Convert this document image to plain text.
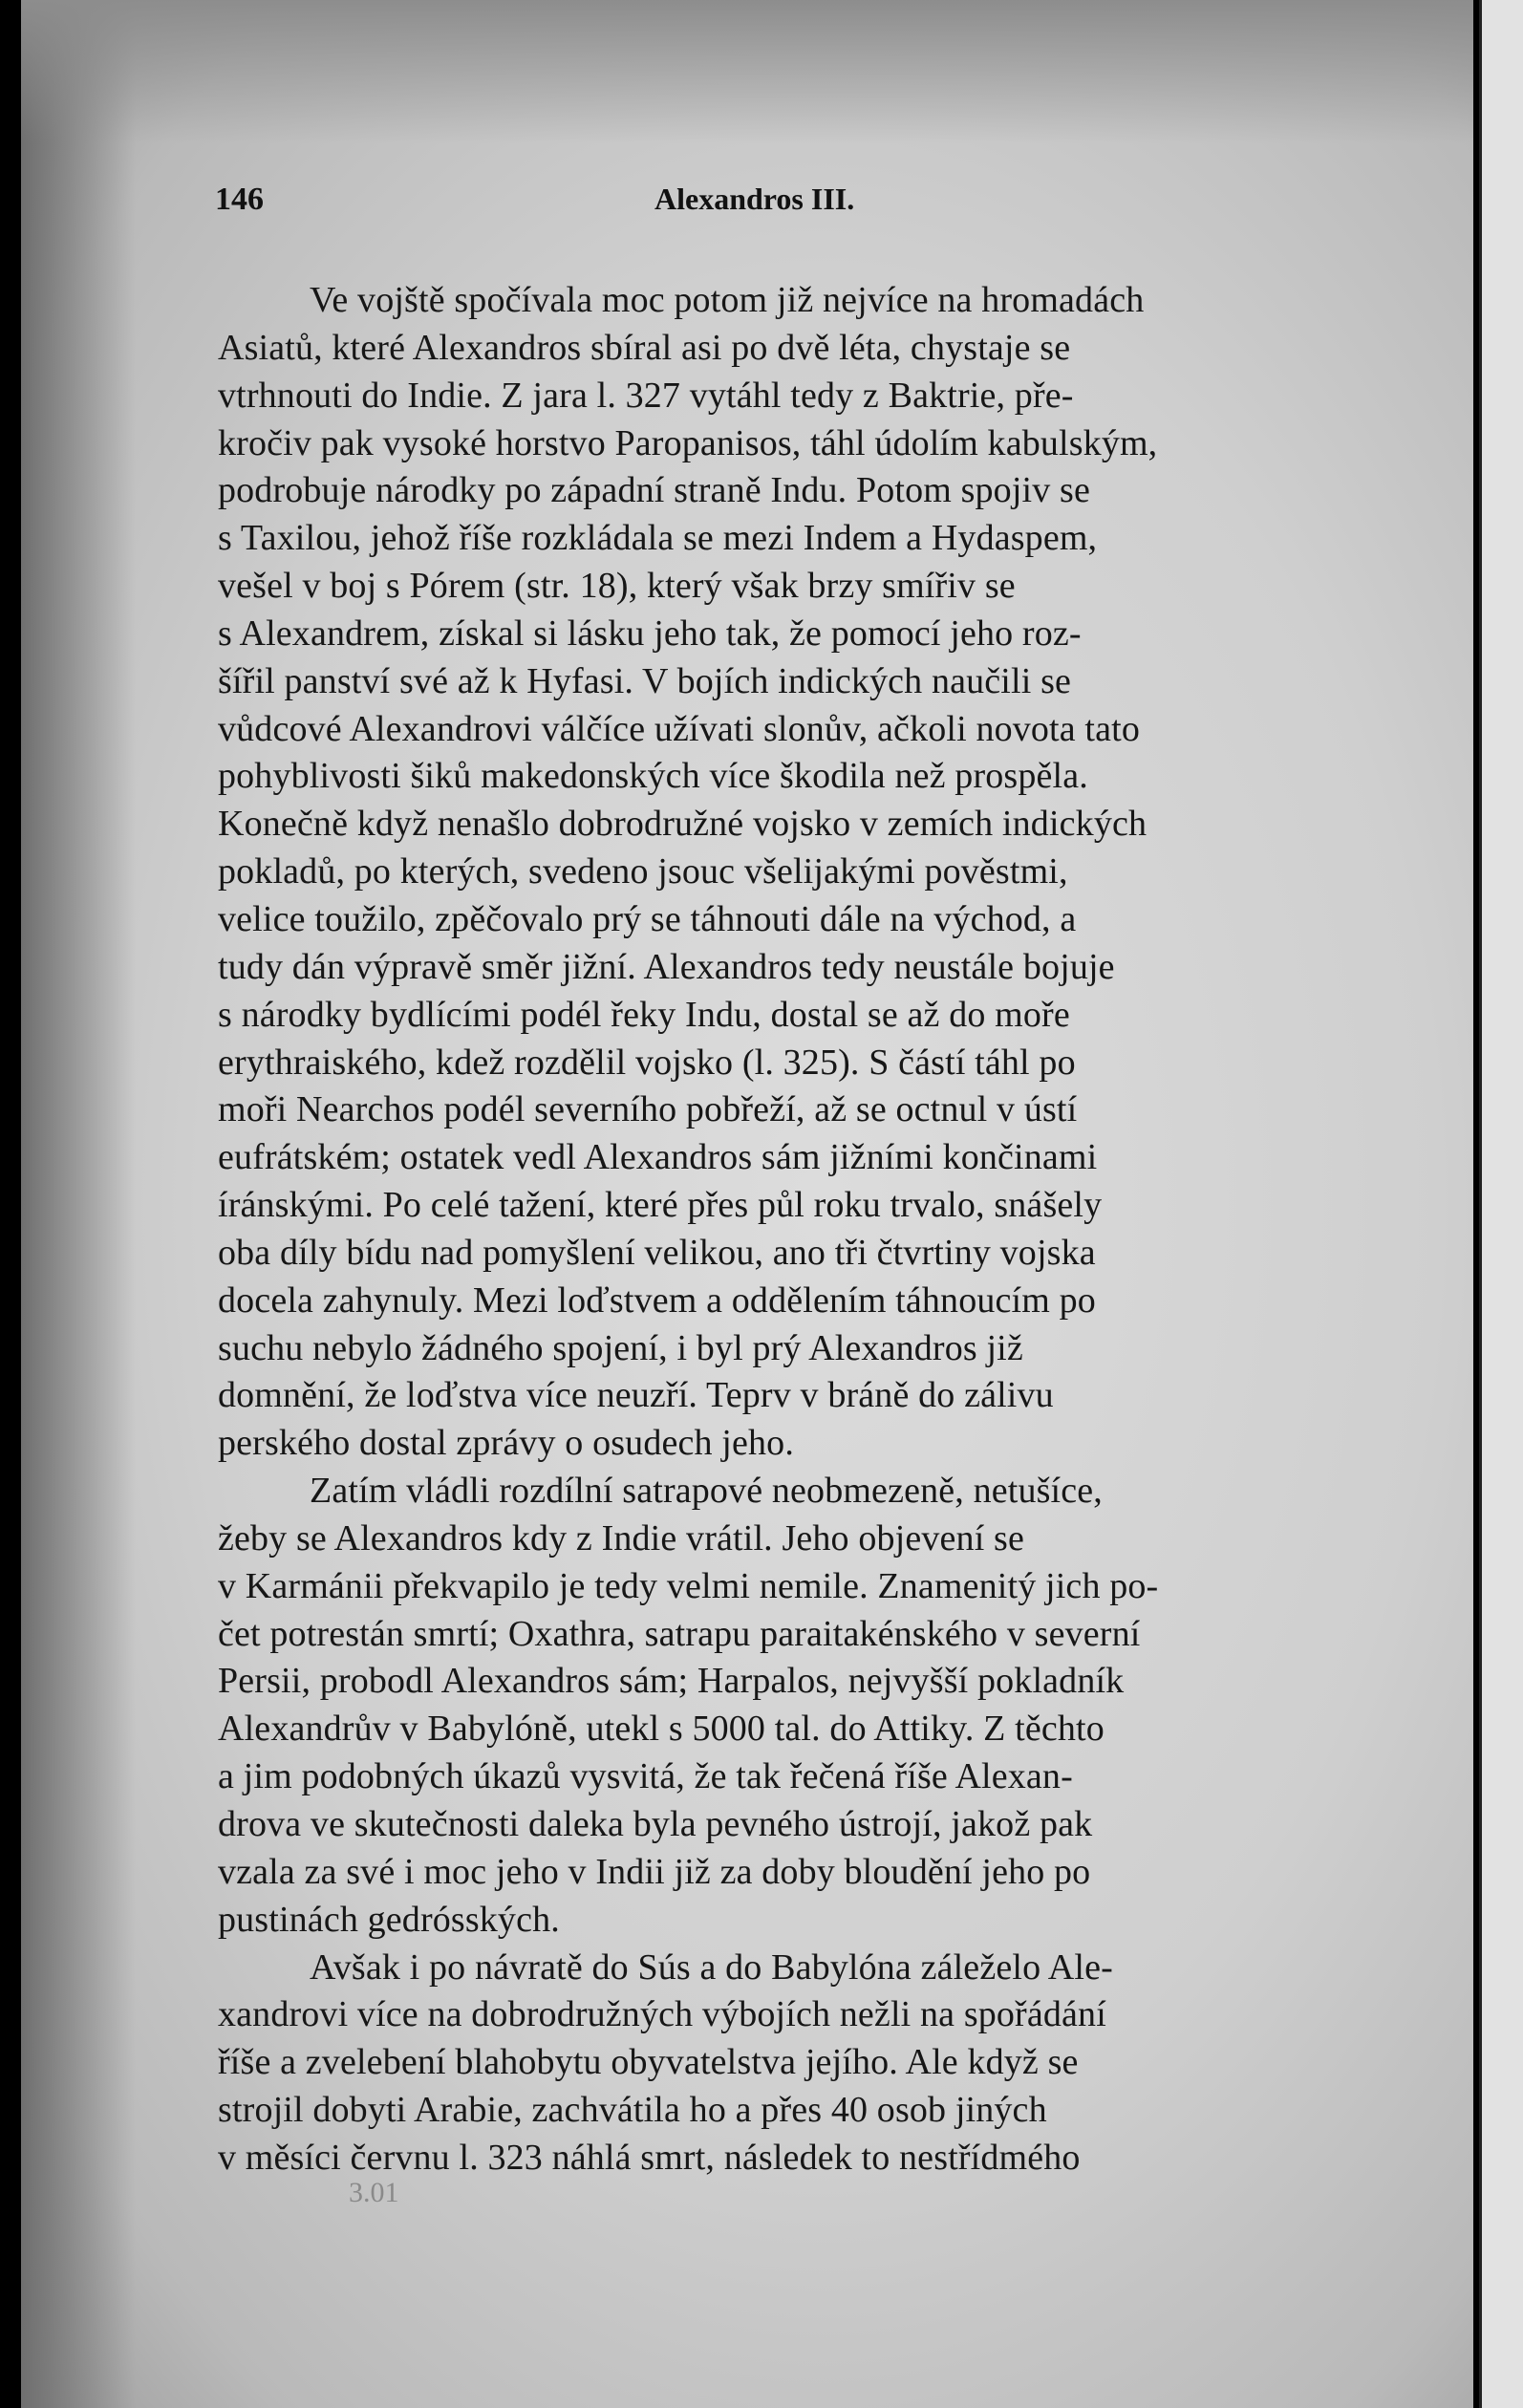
146	Alexandros III.
Ve vojště spočívala moc potom již nejvíce na hromadách
Asiatů, které Alexandros sbíral asi po dvě léta, chystaje se
vtrhnouti do Indie. Z jara l. 327 vytáhl tedy z Baktrie, pře-
kročiv pak vysoké horstvo Paropanisos, táhl údolím kabulským,
podrobuje národky po západní straně Indu. Potom spojiv se
s Taxilou, jehož říše rozkládala se mezi Indem a Hydaspem,
vešel v boj s Pórem (str. 18), který však brzy smířiv se
s Alexandrem, získal si lásku jeho tak, že pomocí jeho roz-
šířil panství své až k Hyfasi. V bojích indických naučili se
vůdcové Alexandrovi válčíce užívati slonův, ačkoli novota tato
pohyblivosti šiků makedonských více škodila než prospěla.
Konečně když nenašlo dobrodružné vojsko v zemích indických
pokladů, po kterých, svedeno jsouc všelijakými pověstmi,
velice toužilo, zpěčovalo prý se táhnouti dále na východ, a
tudy dán výpravě směr jižní. Alexandros tedy neustále bojuje
s národky bydlícími podél řeky Indu, dostal se až do moře
erythraiského, kdež rozdělil vojsko (l. 325). S částí táhl po
moři Nearchos podél severního pobřeží, až se octnul v ústí
eufrátském; ostatek vedl Alexandros sám jižními končinami
íránskými. Po celé tažení, které přes půl roku trvalo, snášely
oba díly bídu nad pomyšlení velikou, ano tři čtvrtiny vojska
docela zahynuly. Mezi loďstvem a oddělením táhnoucím po
suchu nebylo žádného spojení, i byl prý Alexandros již
domnění, že loďstva více neuzří. Teprv v bráně do zálivu
perského dostal zprávy o osudech jeho.
Zatím vládli rozdílní satrapové neobmezeně, netušíce,
žeby se Alexandros kdy z Indie vrátil. Jeho objevení se
v Karmánii překvapilo je tedy velmi nemile. Znamenitý jich po-
čet potrestán smrtí; Oxathra, satrapu paraitakénského v severní
Persii, probodl Alexandros sám; Harpalos, nejvyšší pokladník
Alexandrův v Babylóně, utekl s 5000 tal. do Attiky. Z těchto
a jim podobných úkazů vysvitá, že tak řečená říše Alexan-
drova ve skutečnosti daleka byla pevného ústrojí, jakož pak
vzala za své i moc jeho v Indii již za doby bloudění jeho po
pustinách gedrósských.
Avšak i po návratě do Sús a do Babylóna záleželo Ale-
xandrovi více na dobrodružných výbojích nežli na spořádání
říše a zvelebení blahobytu obyvatelstva jejího. Ale když se
strojil dobyti Arabie, zachvátila ho a přes 40 osob jiných
v měsíci červnu l. 323 náhlá smrt, následek to nestřídmého
3.01
